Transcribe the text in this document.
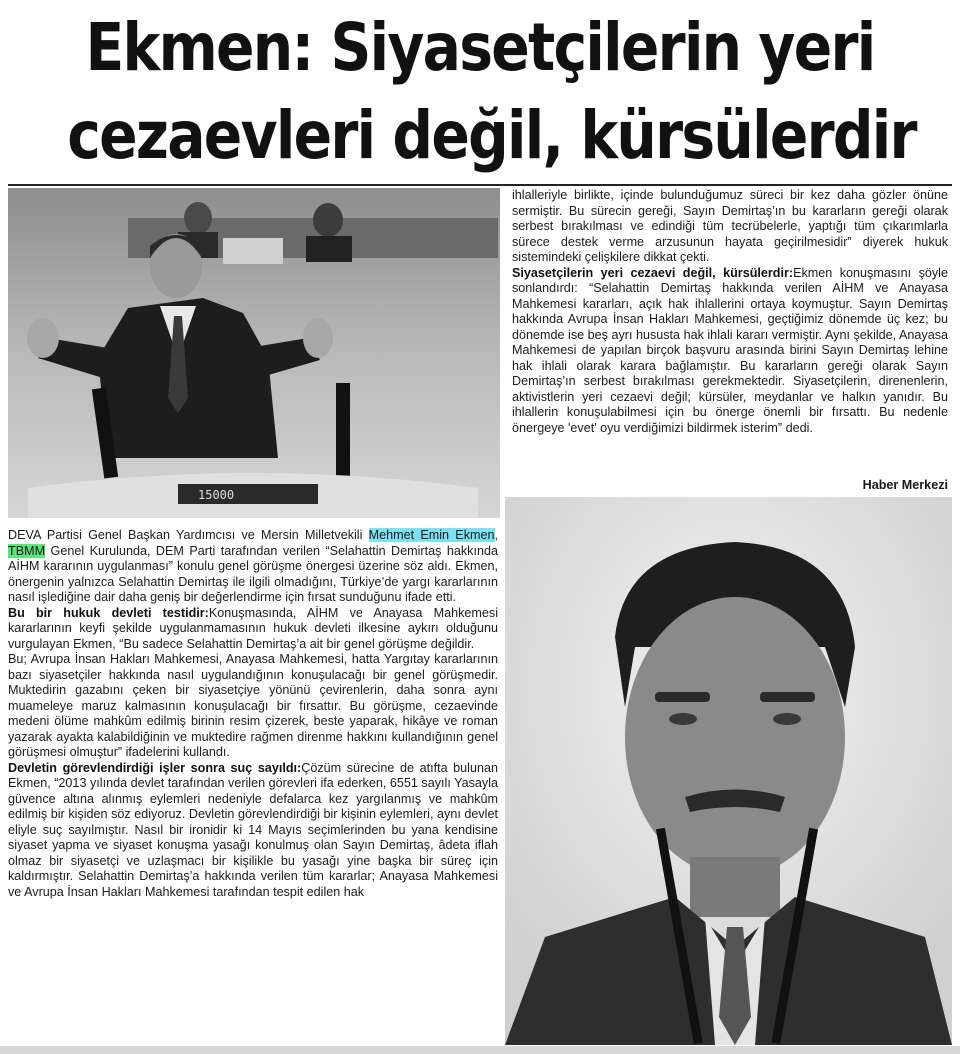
Ekmen: Siyasetçilerin yeri
cezaevleri değil, kürsülerdir
15000

DEVA Partisi Genel Başkan Yardımcısı ve Mersin Milletvekili Mehmet Emin Ekmen, TBMM Genel Kurulunda, DEM Parti tarafından verilen “Selahattin Demirtaş hakkında AİHM kararının uygulanması” konulu genel görüşme önergesi üzerine söz aldı. Ekmen, önergenin yalnızca Selahattin Demirtaş ile ilgili olmadığını, Türkiye’de yargı kararlarının nasıl işlediğine dair daha geniş bir değerlendirme için fırsat sunduğunu ifade etti.

Bu bir hukuk devleti testidir:Konuşmasında, AİHM ve Anayasa Mahkemesi kararlarının keyfi şekilde uygulanmamasının hukuk devleti ilkesine aykırı olduğunu vurgulayan Ekmen, “Bu sadece Selahattin Demirtaş’a ait bir genel görüşme değildir.

Bu; Avrupa İnsan Hakları Mahkemesi, Anayasa Mahkemesi, hatta Yargıtay kararlarının bazı siyasetçiler hakkında nasıl uygulandığının konuşulacağı bir genel görüşmedir. Muktedirin gazabını çeken bir siyasetçiye yönünü çevirenlerin, daha sonra aynı muameleye maruz kalmasının konuşulacağı bir fırsattır. Bu görüşme, cezaevinde medeni ölüme mahkûm edilmiş birinin resim çizerek, beste yaparak, hikâye ve roman yazarak ayakta kalabildiğinin ve muktedire rağmen direnme hakkını kullandığının genel görüşmesi olmuştur” ifadelerini kullandı.

Devletin görevlendirdiği işler sonra suç sayıldı:Çözüm sürecine de atıfta bulunan Ekmen, “2013 yılında devlet tarafından verilen görevleri ifa ederken, 6551 sayılı Yasayla güvence altına alınmış eylemleri nedeniyle defalarca kez yargılanmış ve mahkûm edilmiş bir kişiden söz ediyoruz. Devletin görevlendirdiği bir kişinin eylemleri, aynı devlet eliyle suç sayılmıştır. Nasıl bir ironidir ki 14 Mayıs seçimlerinden bu yana kendisine siyaset yapma ve siyaset konuşma yasağı konulmuş olan Sayın Demirtaş, âdeta iflah olmaz bir siyasetçi ve uzlaşmacı bir kişilikle bu yasağı yine başka bir süreç için kaldırmıştır. Selahattin Demirtaş’a hakkında verilen tüm kararlar; Anayasa Mahkemesi ve Avrupa İnsan Hakları Mahkemesi tarafından tespit edilen hak

ihlalleriyle birlikte, içinde bulunduğumuz süreci bir kez daha gözler önüne sermiştir. Bu sürecin gereği, Sayın Demirtaş’ın bu kararların gereği olarak serbest bırakılması ve edindiği tüm tecrübelerle, yaptığı tüm çıkarımlarla sürece destek verme arzusunun hayata geçirilmesidir” diyerek hukuk sistemindeki çelişkilere dikkat çekti.

Siyasetçilerin yeri cezaevi değil, kürsülerdir:Ekmen konuşmasını şöyle sonlandırdı: “Selahattin Demirtaş hakkında verilen AİHM ve Anayasa Mahkemesi kararları, açık hak ihlallerini ortaya koymuştur. Sayın Demirtaş hakkında Avrupa İnsan Hakları Mahkemesi, geçtiğimiz dönemde üç kez; bu dönemde ise beş ayrı hususta hak ihlali kararı vermiştir. Aynı şekilde, Anayasa Mahkemesi de yapılan birçok başvuru arasında birini Sayın Demirtaş lehine hak ihlali olarak karara bağlamıştır. Bu kararların gereği olarak Sayın Demirtaş’ın serbest bırakılması gerekmektedir. Siyasetçilerin, direnenlerin, aktivistlerin yeri cezaevi değil; kürsüler, meydanlar ve halkın yanıdır. Bu ihlallerin konuşulabilmesi için bu önerge önemli bir fırsattı. Bu nedenle önergeye 'evet' oyu verdiğimizi bildirmek isterim” dedi.

Haber Merkezi
